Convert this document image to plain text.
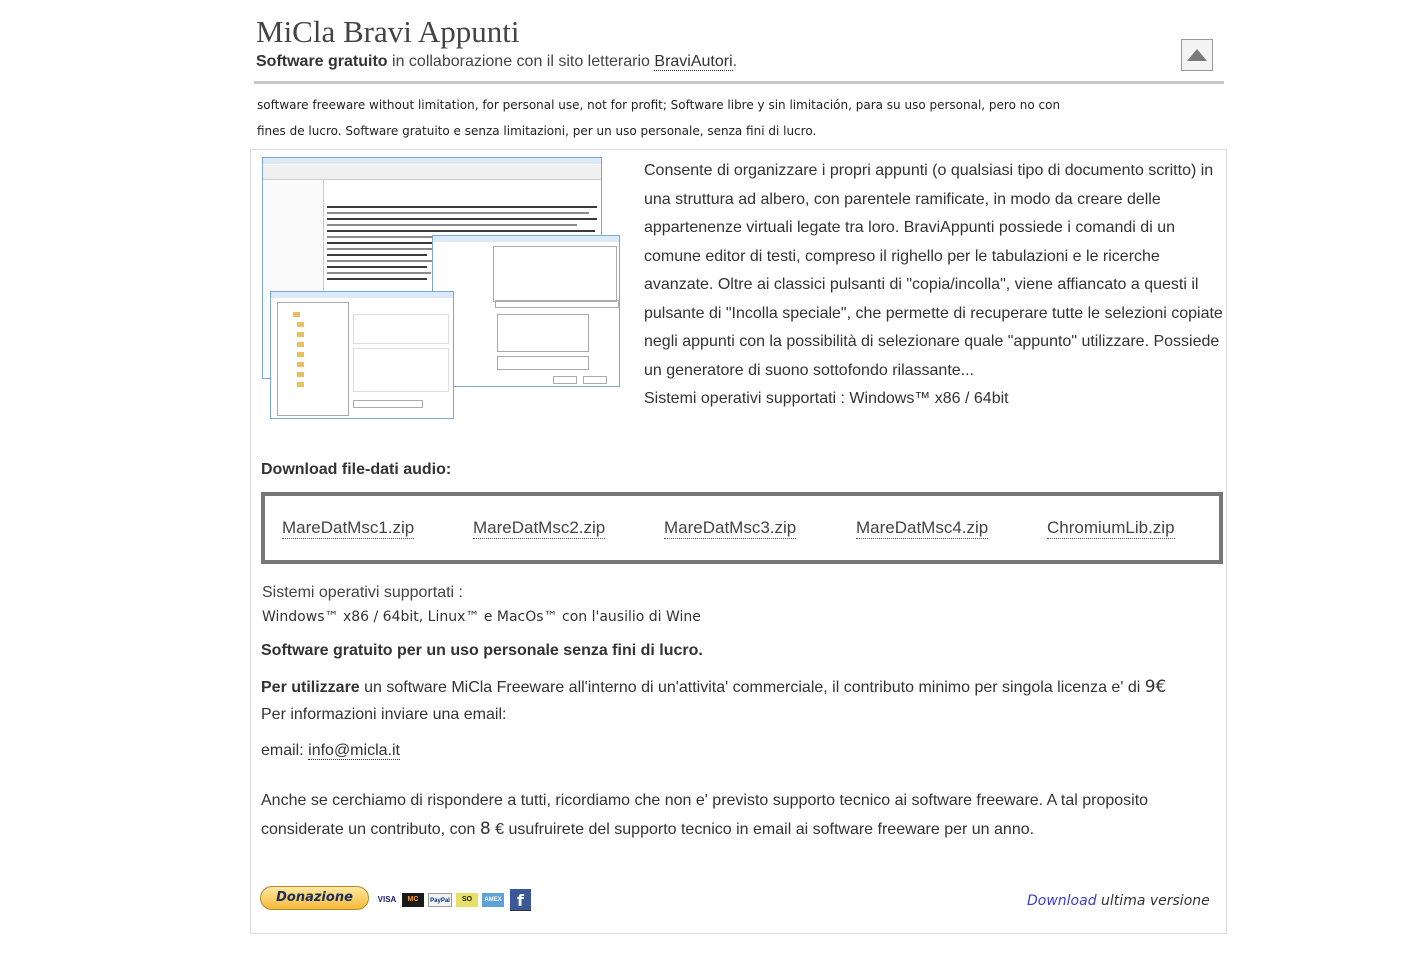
MiCla Bravi Appunti
Software gratuito in collaborazione con il sito letterario BraviAutori.
software freeware without limitation, for personal use, not for profit; Software libre y sin limitación, para su uso personal, pero no con
fines de lucro. Software gratuito e senza limitazioni, per un uso personale, senza fini di lucro.
Consente di organizzare i propri appunti (o qualsiasi tipo di documento scritto) in una struttura ad albero, con parentele ramificate, in modo da creare delle appartenenze virtuali legate tra loro. BraviAppunti possiede i comandi di un comune editor di testi, compreso il righello per le tabulazioni e le ricerche avanzate. Oltre ai classici pulsanti di "copia/incolla", viene affiancato a questi il pulsante di "Incolla speciale", che permette di recuperare tutte le selezioni copiate negli appunti con la possibilità di selezionare quale "appunto" utilizzare. Possiede un generatore di suono sottofondo rilassante...
Sistemi operativi supportati : Windows™ x86 / 64bit
Download file-dati audio:
MareDatMsc1.zip	MareDatMsc2.zip	MareDatMsc3.zip	MareDatMsc4.zip	ChromiumLib.zip
Sistemi operativi supportati :
Windows™ x86 / 64bit, Linux™ e MacOs™ con l'ausilio di Wine
Software gratuito per un uso personale senza fini di lucro.
Per utilizzare un software MiCla Freeware all'interno di un'attivita' commerciale, il contributo minimo per singola licenza e' di 9€
Per informazioni inviare una email:
email: info@micla.it
Anche se cerchiamo di rispondere a tutti, ricordiamo che non e' previsto supporto tecnico ai software freeware. A tal proposito considerate un contributo, con 8 € usufruirete del supporto tecnico in email ai software freeware per un anno.
Donazione	VISA	MC	PayPal	SO	AMEX f	Download ultima versione
